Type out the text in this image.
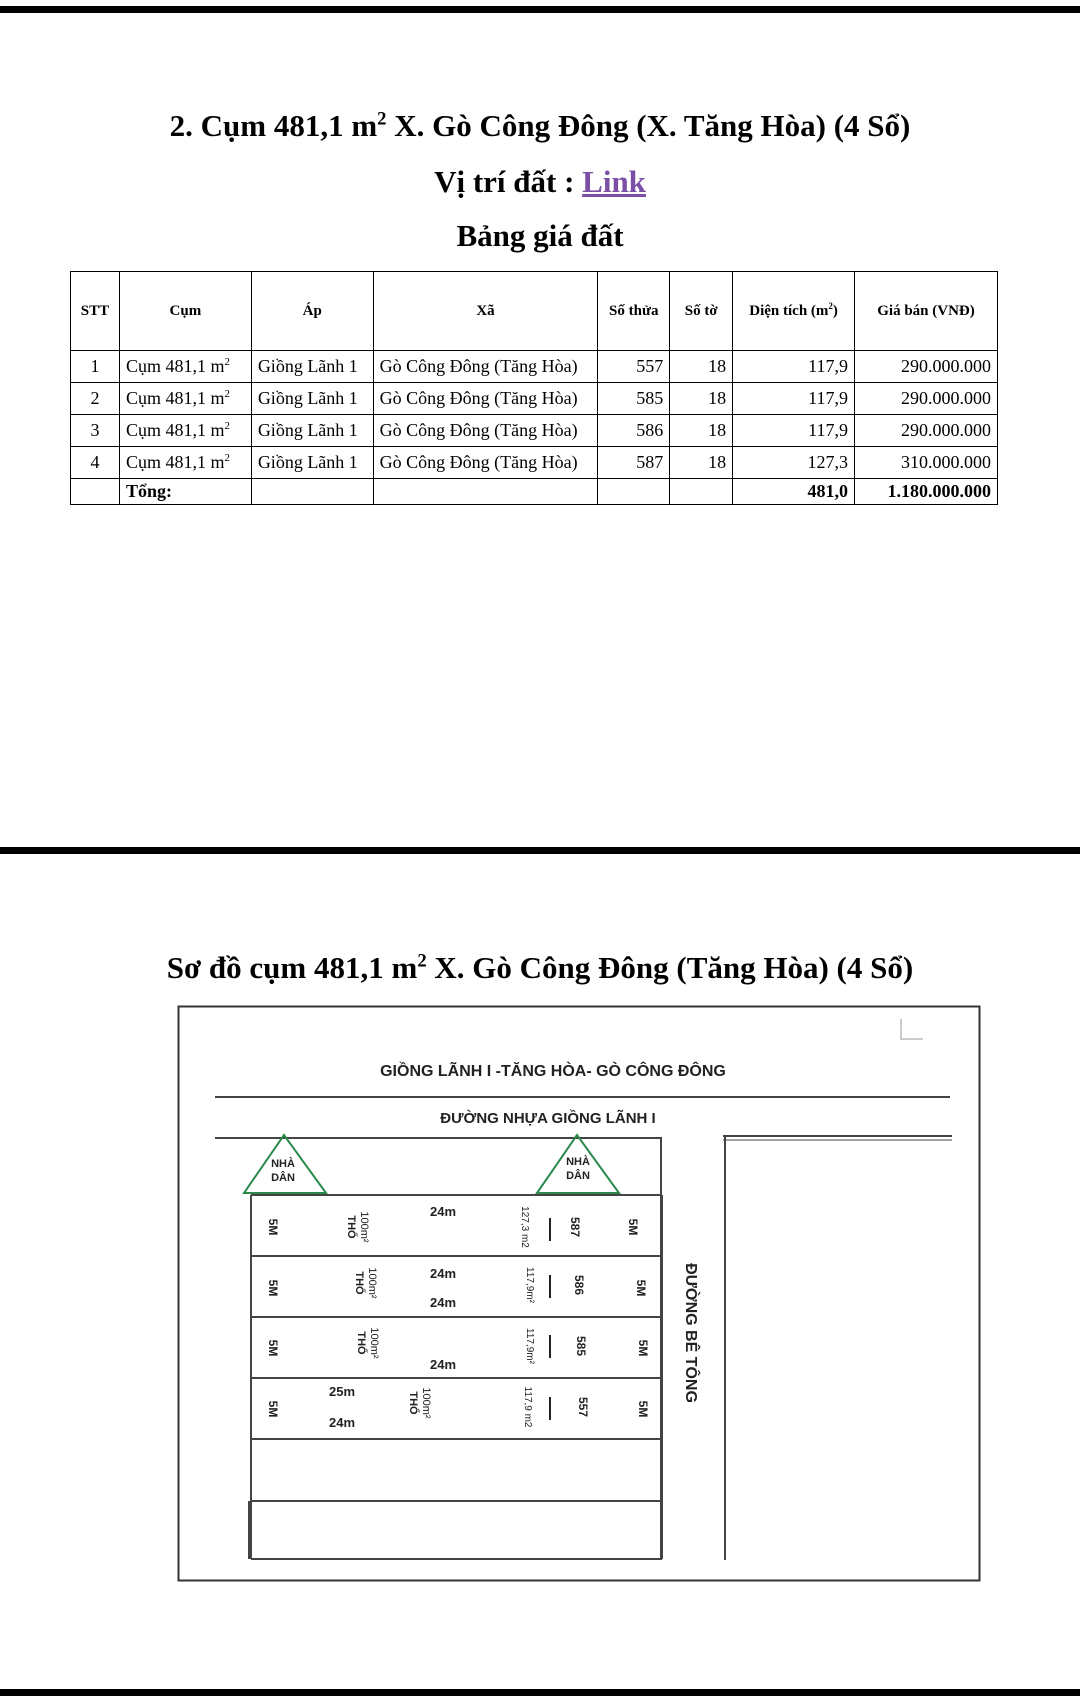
2. Cụm 481,1 $m^2$ X. Gò Công Đông (X. Tăng Hòa) (4 Sổ)
Vị trí đất : Link
Bảng giá đất
STT	Cụm	Áp	Xã	Số thửa	Số tờ	Diện tích $(m^2)$	Giá bán (VNĐ)
1	Cụm 481,1 $m^2$	Giồng Lãnh 1	Gò Công Đông (Tăng Hòa)	557	18	117,9	290.000.000
2	Cụm 481,1 $m^2$	Giồng Lãnh 1	Gò Công Đông (Tăng Hòa)	585	18	117,9	290.000.000
3	Cụm 481,1 $m^2$	Giồng Lãnh 1	Gò Công Đông (Tăng Hòa)	586	18	117,9	290.000.000
4	Cụm 481,1 $m^2$	Giồng Lãnh 1	Gò Công Đông (Tăng Hòa)	587	18	127,3	310.000.000
	Tổng:					481,0	1.180.000.000
Sơ đồ cụm 481,1 $m^2$ X. Gò Công Đông (Tăng Hòa) (4 Sổ)
GIỒNG LÃNH I -TĂNG HÒA- GÒ CÔNG ĐÔNG
ĐƯỜNG NHỰA GIỒNG LÃNH I
ĐƯỜNG BÊ TÔNG
NHÀ
DÂN
NHÀ
DÂN
5M	100m²
THỔ
24m	127,3 m2	587	5M
5M	100m²
THỔ	24m
24m	117,9m²	586	5M
5M	100m²
THỔ
24m
117,9m²	585	5M
5M
25m
24m
100m²
THỔ	117,9 m2	557	5M
